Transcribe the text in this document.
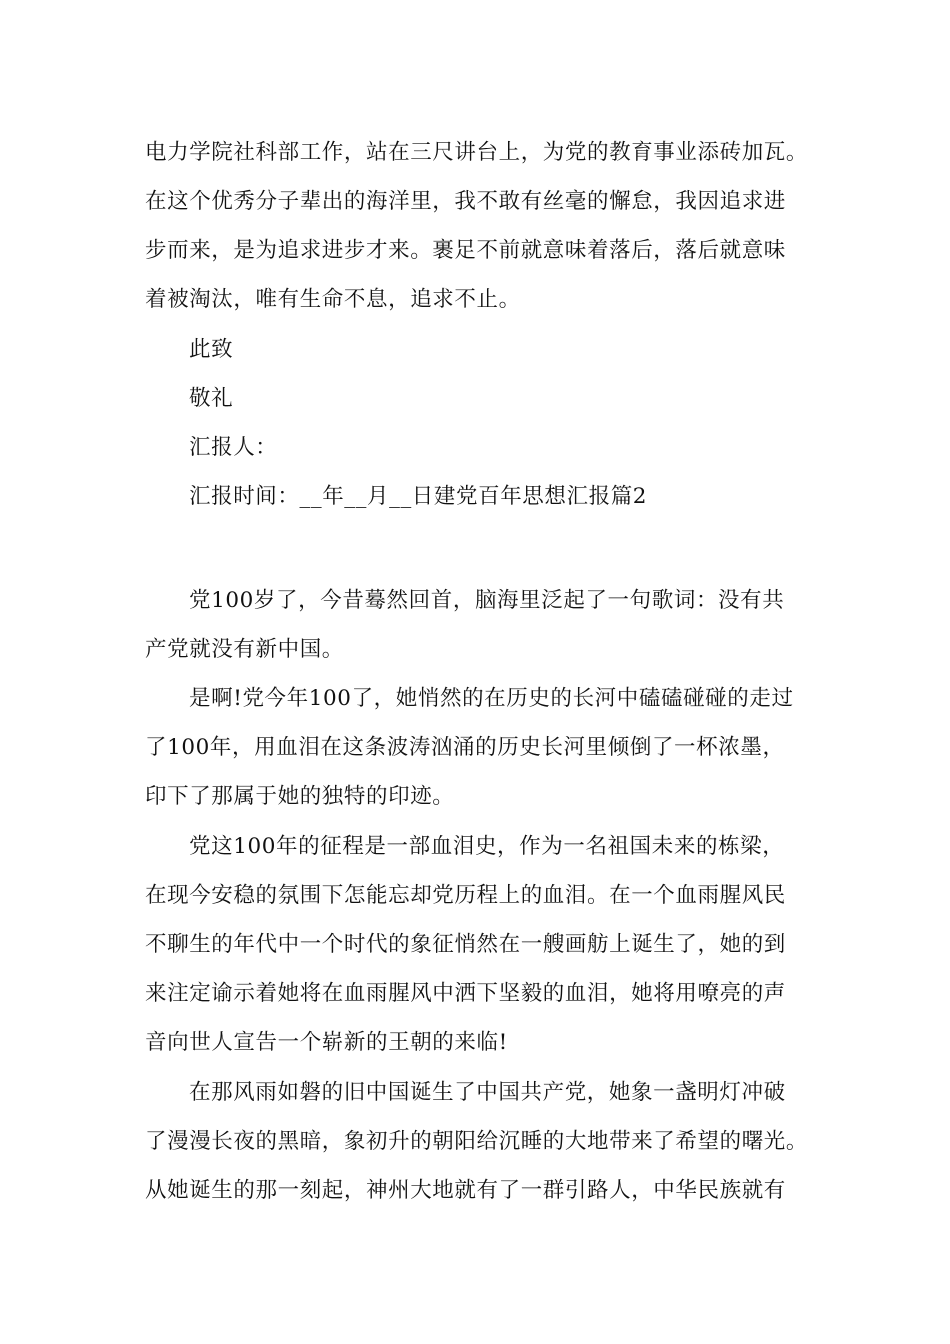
电力学院社科部工作，站在三尺讲台上，为党的教育事业添砖加瓦。
在这个优秀分子辈出的海洋里，我不敢有丝毫的懈怠，我因追求进
步而来，是为追求进步才来。裹足不前就意味着落后，落后就意味
着被淘汰，唯有生命不息，追求不止。
此致
敬礼
汇报人：
汇报时间：__年__月__日建党百年思想汇报篇2
党100岁了，今昔蓦然回首，脑海里泛起了一句歌词：没有共
产党就没有新中国。
是啊!党今年100了，她悄然的在历史的长河中磕磕碰碰的走过
了100年，用血泪在这条波涛汹涌的历史长河里倾倒了一杯浓墨，
印下了那属于她的独特的印迹。
党这100年的征程是一部血泪史，作为一名祖国未来的栋梁，
在现今安稳的氛围下怎能忘却党历程上的血泪。在一个血雨腥风民
不聊生的年代中一个时代的象征悄然在一艘画舫上诞生了，她的到
来注定谕示着她将在血雨腥风中洒下坚毅的血泪，她将用嘹亮的声
音向世人宣告一个崭新的王朝的来临!
在那风雨如磐的旧中国诞生了中国共产党，她象一盏明灯冲破
了漫漫长夜的黑暗，象初升的朝阳给沉睡的大地带来了希望的曙光。
从她诞生的那一刻起，神州大地就有了一群引路人，中华民族就有
